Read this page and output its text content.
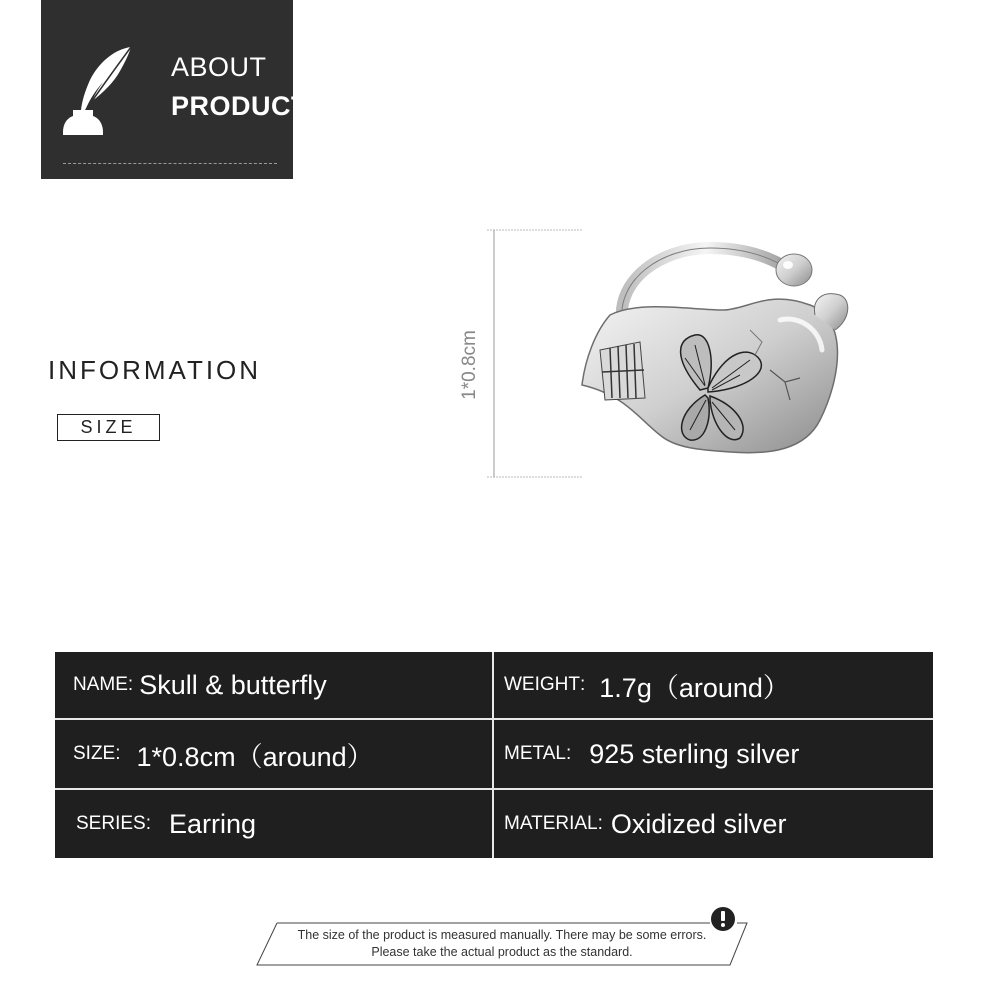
ABOUT
PRODUCT
INFORMATION
SIZE
1*0.8cm
NAME : Skull & butterfly	WEIGHT : 1.7g（around）
SIZE : 1*0.8cm（around）	METAL : 925 sterling silver
SERIES : Earring	MATERIAL : Oxidized silver
The size of the product is measured manually. There may be some errors.
Please take the actual product as the standard.
